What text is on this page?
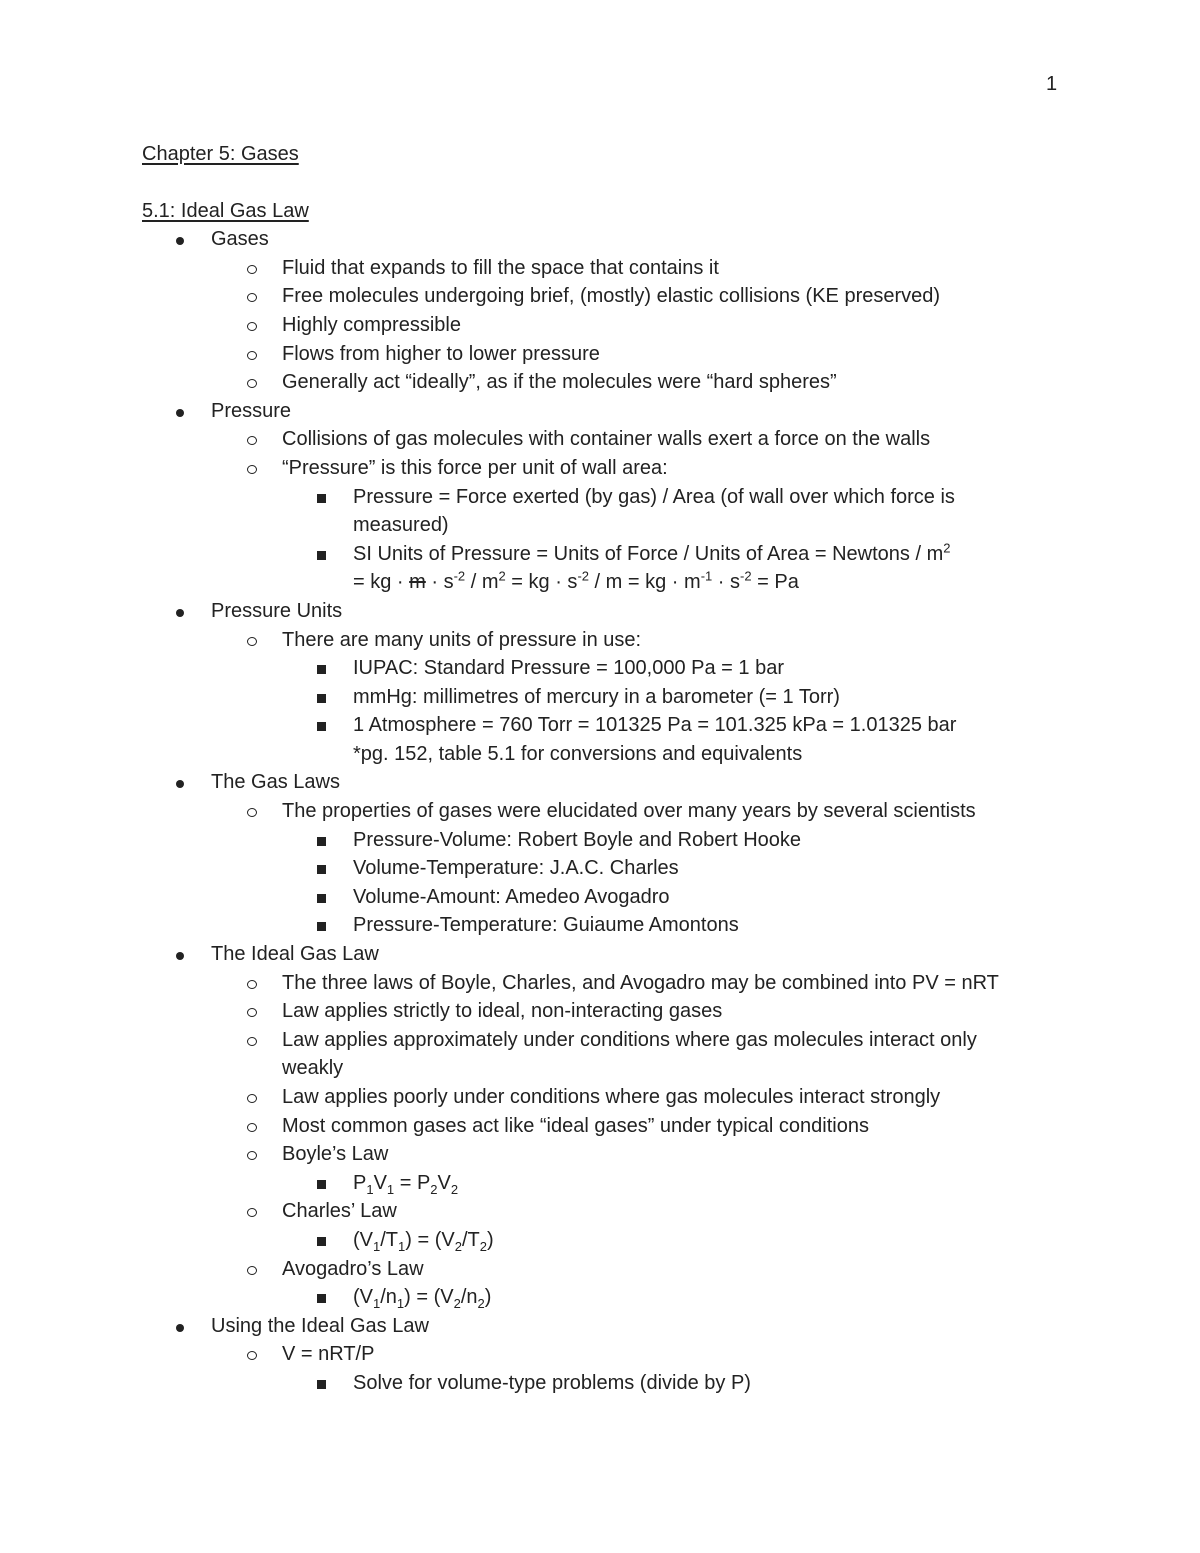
1
Chapter 5: Gases
5.1: Ideal Gas Law
Gases
Fluid that expands to fill the space that contains it
Free molecules undergoing brief, (mostly) elastic collisions (KE preserved)
Highly compressible
Flows from higher to lower pressure
Generally act “ideally”, as if the molecules were “hard spheres”
Pressure
Collisions of gas molecules with container walls exert a force on the walls
“Pressure” is this force per unit of wall area:
Pressure = Force exerted (by gas) / Area (of wall over which force is
measured)
SI Units of Pressure = Units of Force / Units of Area = Newtons / $m^2$
= kg · $m \cdot s^{-2} / m^2$ = kg · $s^{-2}$ / m = kg · $m^{-1} \cdot s^{-2} = Pa$
Pressure Units
There are many units of pressure in use:
IUPAC: Standard Pressure = 100,000 Pa = 1 bar
mmHg: millimetres of mercury in a barometer (= 1 Torr)
1 Atmosphere = 760 Torr = 101325 Pa = 101.325 kPa = 1.01325 bar
*pg. 152, table 5.1 for conversions and equivalents
The Gas Laws
The properties of gases were elucidated over many years by several scientists
Pressure-Volume: Robert Boyle and Robert Hooke
Volume-Temperature: J.A.C. Charles
Volume-Amount: Amedeo Avogadro
Pressure-Temperature: Guiaume Amontons
The Ideal Gas Law
The three laws of Boyle, Charles, and Avogadro may be combined into PV = nRT
Law applies strictly to ideal, non-interacting gases
Law applies approximately under conditions where gas molecules interact only
weakly
Law applies poorly under conditions where gas molecules interact strongly
Most common gases act like “ideal gases” under typical conditions
Boyle’s Law
$P_1V_1 = P_2V_2$
Charles’ Law
$(V_1/T_1) = (V_2/T_2)$
Avogadro’s Law
$(V_1/n_1) = (V_2/n_2)$
Using the Ideal Gas Law
V = nRT/P
Solve for volume-type problems (divide by P)
